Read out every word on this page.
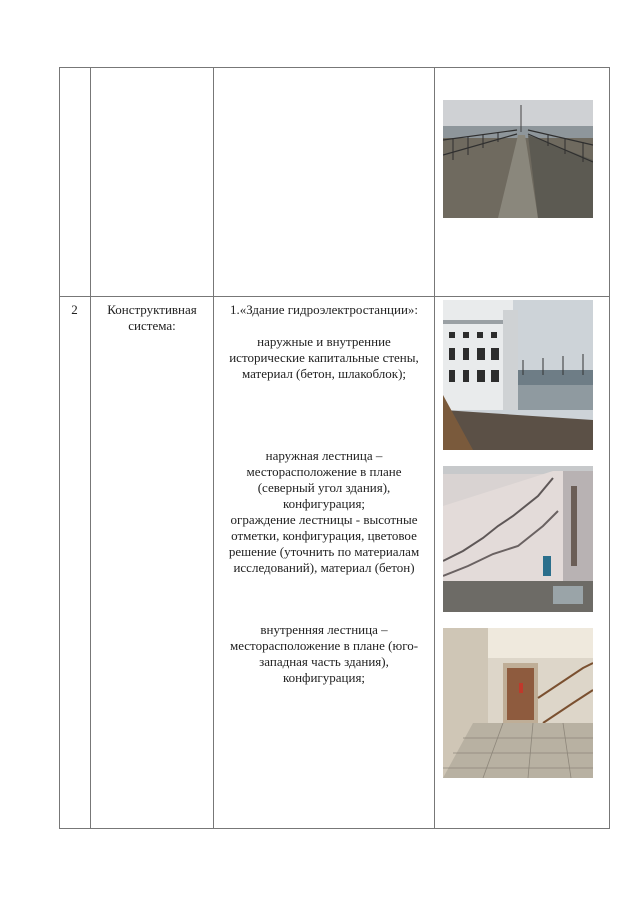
2	Конструктивная
система:
1.«Здание гидроэлектростанции»:
наружные и внутренние
исторические капитальные стены,
материал (бетон, шлакоблок);
наружная лестница –
месторасположение в плане
(северный угол здания),
конфигурация;
ограждение лестницы - высотные
отметки, конфигурация, цветовое
решение (уточнить по материалам
исследований), материал (бетон)
внутренняя лестница –
месторасположение в плане (юго-
западная часть здания),
конфигурация;
